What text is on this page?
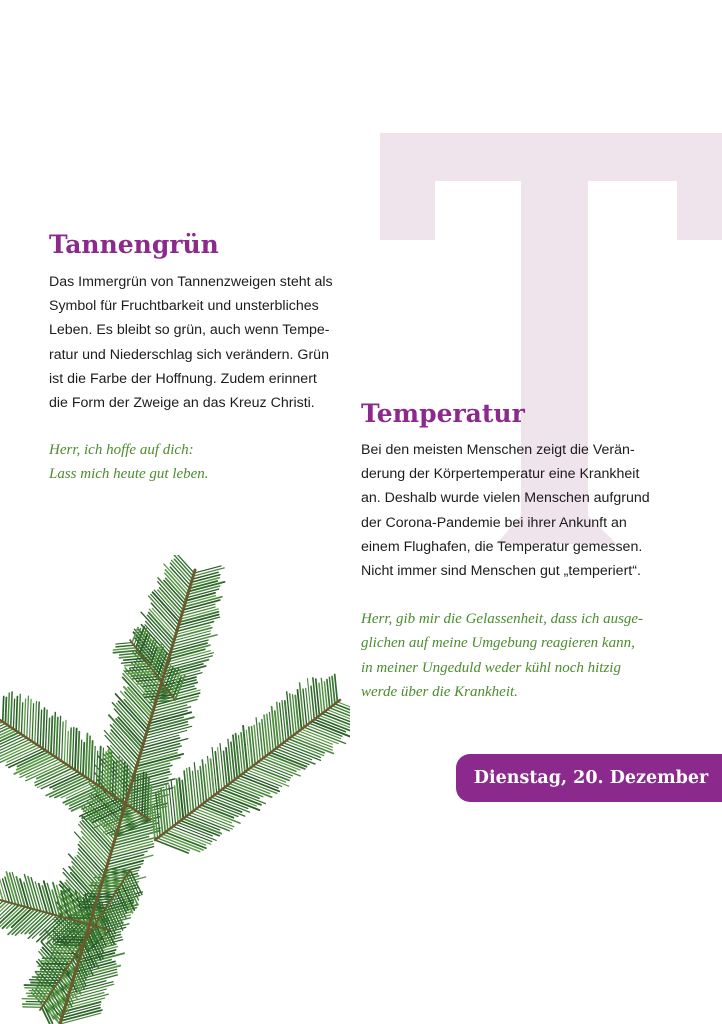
Tannengrün

Das Immergrün von Tannenzweigen steht als
Symbol für Fruchtbarkeit und unsterbliches
Leben. Es bleibt so grün, auch wenn Tempe-
ratur und Niederschlag sich verändern. Grün
ist die Farbe der Hoffnung. Zudem erinnert
die Form der Zweige an das Kreuz Christi.

Herr, ich hoffe auf dich:
Lass mich heute gut leben.

Temperatur

Bei den meisten Menschen zeigt die Verän-
derung der Körpertemperatur eine Krankheit
an. Deshalb wurde vielen Menschen aufgrund
der Corona-Pandemie bei ihrer Ankunft an
einem Flughafen, die Temperatur gemessen.
Nicht immer sind Menschen gut „temperiert“.

Herr, gib mir die Gelassenheit, dass ich ausge-
glichen auf meine Umgebung reagieren kann,
in meiner Ungeduld weder kühl noch hitzig
werde über die Krankheit.

Dienstag, 20. Dezember
